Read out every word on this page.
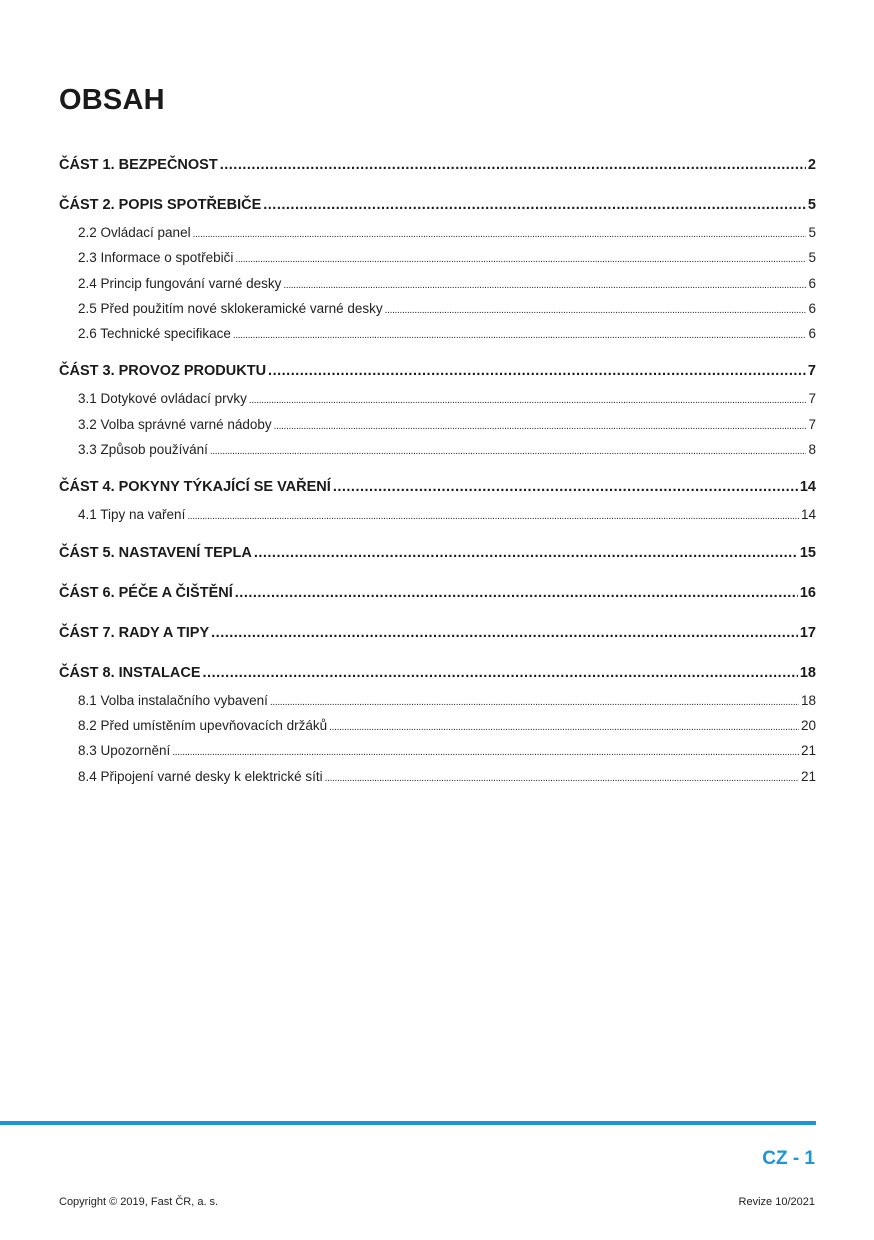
OBSAH
ČÁST 1. BEZPEČNOST .....	2
ČÁST 2. POPIS SPOTŘEBIČE .....	5
2.2 Ovládací panel .....	5
2.3 Informace o spotřebiči .....	5
2.4 Princip fungování varné desky .....	6
2.5 Před použitím nové sklokeramické varné desky .....	6
2.6 Technické specifikace .....	6
ČÁST 3. PROVOZ PRODUKTU .....	7
3.1 Dotykové ovládací prvky .....	7
3.2 Volba správné varné nádoby .....	7
3.3 Způsob používání .....	8
ČÁST 4. POKYNY TÝKAJÍCÍ SE VAŘENÍ .....	14
4.1 Tipy na vaření .....	14
ČÁST 5. NASTAVENÍ TEPLA .....	15
ČÁST 6. PÉČE A ČIŠTĚNÍ .....	16
ČÁST 7. RADY A TIPY .....	17
ČÁST 8. INSTALACE .....	18
8.1 Volba instalačního vybavení .....	18
8.2 Před umístěním upevňovacích držáků .....	20
8.3 Upozornění .....	21
8.4 Připojení varné desky k elektrické síti .....	21
CZ - 1
Copyright © 2019, Fast ČR, a. s.	Revize 10/2021
